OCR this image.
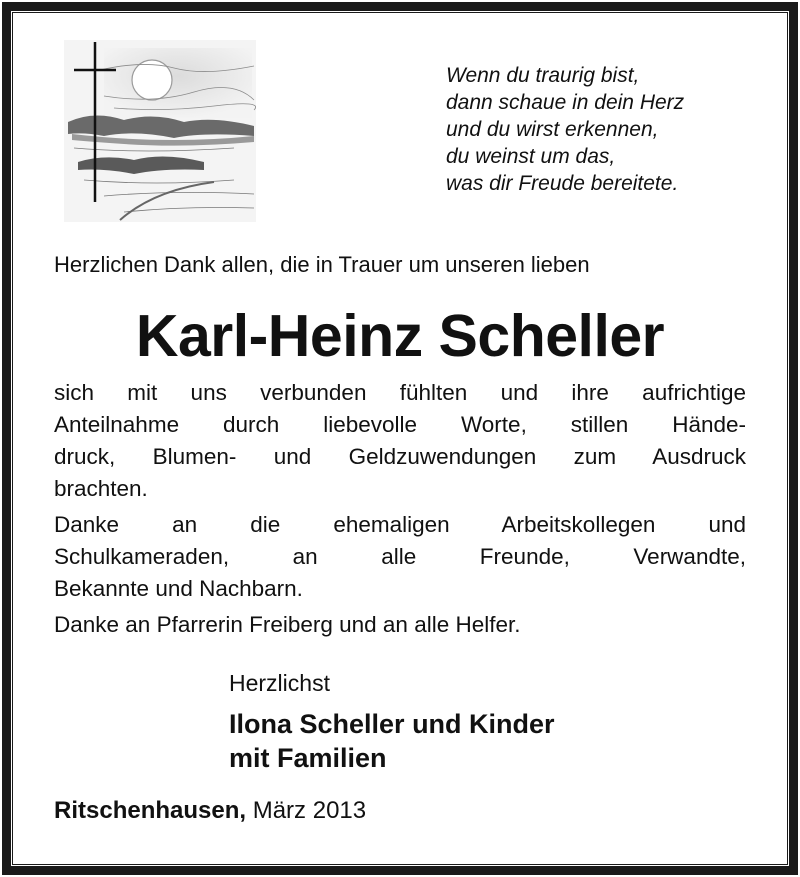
Wenn du traurig bist,
dann schaue in dein Herz
und du wirst erkennen,
du weinst um das,
was dir Freude bereitete.
Herzlichen Dank allen, die in Trauer um unseren lieben
Karl-Heinz Scheller
sich mit uns verbunden fühlten und ihre aufrichtige
Anteilnahme durch liebevolle Worte, stillen Hände-
druck, Blumen- und Geldzuwendungen zum Ausdruck
brachten.
Danke an die ehemaligen Arbeitskollegen und
Schulkameraden, an alle Freunde, Verwandte,
Bekannte und Nachbarn.
Danke an Pfarrerin Freiberg und an alle Helfer.
Herzlichst
Ilona Scheller und Kinder
mit Familien
Ritschenhausen, März 2013
